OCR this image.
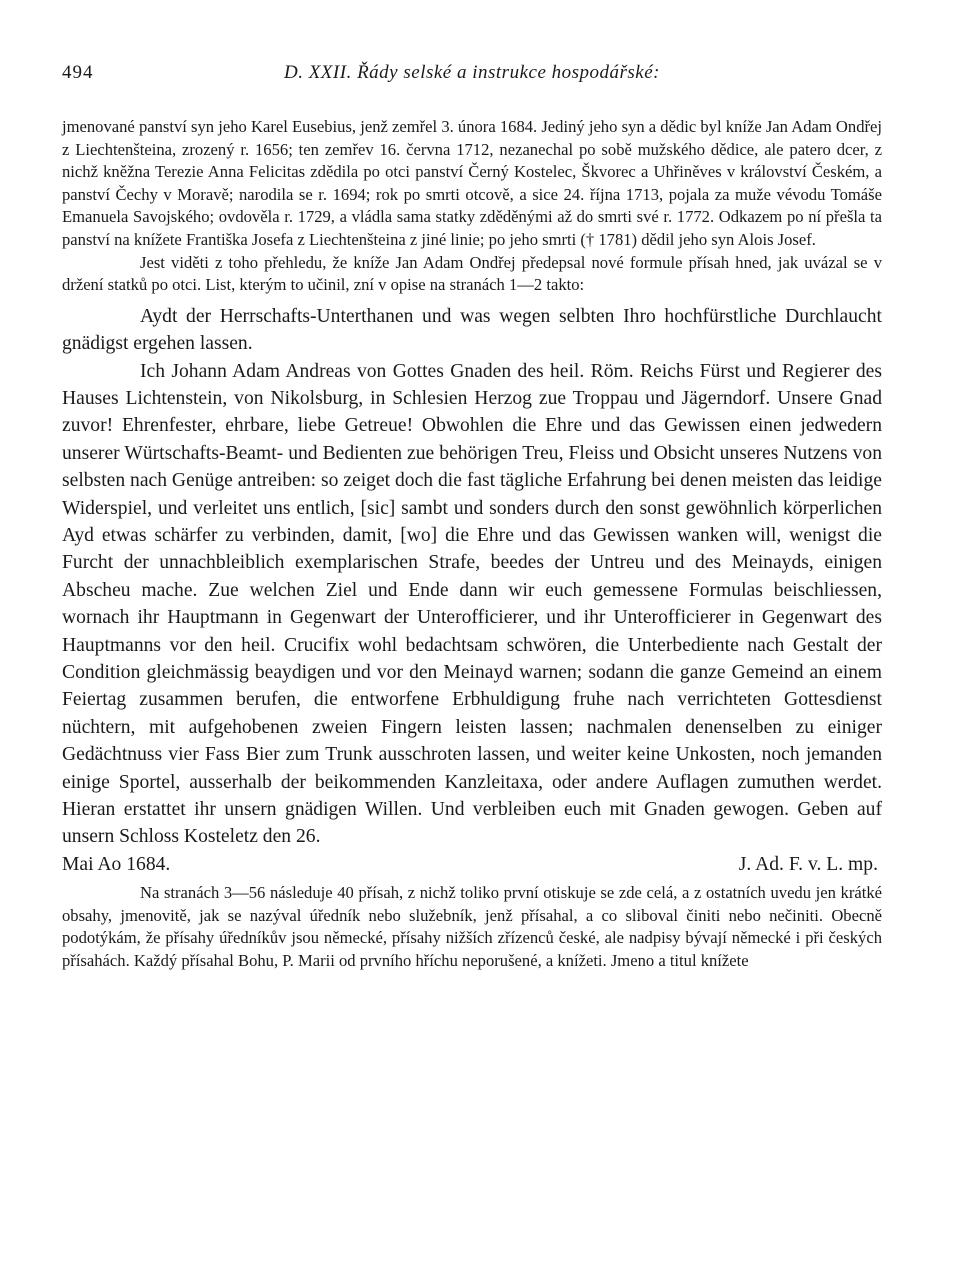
494	D. XXII. Řády selské a instrukce hospodářské:

jmenované panství syn jeho Karel Eusebius, jenž zemřel 3. února 1684. Jediný jeho syn a dědic byl kníže Jan Adam Ondřej z Liechtenšteina, zrozený r. 1656; ten zemřev 16. června 1712, nezanechal po sobě mužského dědice, ale patero dcer, z nichž kněžna Terezie Anna Felicitas zdědila po otci panství Černý Kostelec, Škvorec a Uhřiněves v království Českém, a panství Čechy v Moravě; narodila se r. 1694; rok po smrti otcově, a sice 24. října 1713, pojala za muže vévodu Tomáše Emanuela Savojského; ovdověla r. 1729, a vládla sama statky zděděnými až do smrti své r. 1772. Odkazem po ní přešla ta panství na knížete Františka Josefa z Liechtenšteina z jiné linie; po jeho smrti († 1781) dědil jeho syn Alois Josef.

Jest viděti z toho přehledu, že kníže Jan Adam Ondřej předepsal nové formule přísah hned, jak uvázal se v držení statků po otci. List, kterým to učinil, zní v opise na stranách 1—2 takto:

Aydt der Herrschafts-Unterthanen und was wegen selbten Ihro hochfürstliche Durchlaucht gnädigst ergehen lassen.

Ich Johann Adam Andreas von Gottes Gnaden des heil. Röm. Reichs Fürst und Regierer des Hauses Lichtenstein, von Nikolsburg, in Schlesien Herzog zue Troppau und Jägerndorf. Unsere Gnad zuvor! Ehrenfester, ehrbare, liebe Getreue! Obwohlen die Ehre und das Gewissen einen jedwedern unserer Würtschafts-Beamt- und Bedienten zue behörigen Treu, Fleiss und Obsicht unseres Nutzens von selbsten nach Genüge antreiben: so zeiget doch die fast tägliche Erfahrung bei denen meisten das leidige Widerspiel, und verleitet uns entlich, [sic] sambt und sonders durch den sonst gewöhnlich körperlichen Ayd etwas schärfer zu verbinden, damit, [wo] die Ehre und das Gewissen wanken will, wenigst die Furcht der unnachbleiblich exemplarischen Strafe, beedes der Untreu und des Meinayds, einigen Abscheu mache. Zue welchen Ziel und Ende dann wir euch gemessene Formulas beischliessen, wornach ihr Hauptmann in Gegenwart der Unterofficierer, und ihr Unterofficierer in Gegenwart des Hauptmanns vor den heil. Crucifix wohl bedachtsam schwören, die Unterbediente nach Gestalt der Condition gleichmässig beaydigen und vor den Meinayd warnen; sodann die ganze Gemeind an einem Feiertag zusammen berufen, die entworfene Erbhuldigung fruhe nach verrichteten Gottesdienst nüchtern, mit aufgehobenen zweien Fingern leisten lassen; nachmalen denenselben zu einiger Gedächtnuss vier Fass Bier zum Trunk ausschroten lassen, und weiter keine Unkosten, noch jemanden einige Sportel, ausserhalb der beikommenden Kanzleitaxa, oder andere Auflagen zumuthen werdet. Hieran erstattet ihr unsern gnädigen Willen. Und verbleiben euch mit Gnaden gewogen. Geben auf unsern Schloss Kosteletz den 26.

Mai Ao 1684.	J. Ad. F. v. L. mp.

Na stranách 3—56 následuje 40 přísah, z nichž toliko první otiskuje se zde celá, a z ostatních uvedu jen krátké obsahy, jmenovitě, jak se nazýval úředník nebo služebník, jenž přísahal, a co sliboval činiti nebo nečiniti. Obecně podotýkám, že přísahy úředníkův jsou německé, přísahy nižších zřízenců české, ale nadpisy bývají německé i při českých přísahách. Každý přísahal Bohu, P. Marii od prvního hříchu neporušené, a knížeti. Jmeno a titul knížete
